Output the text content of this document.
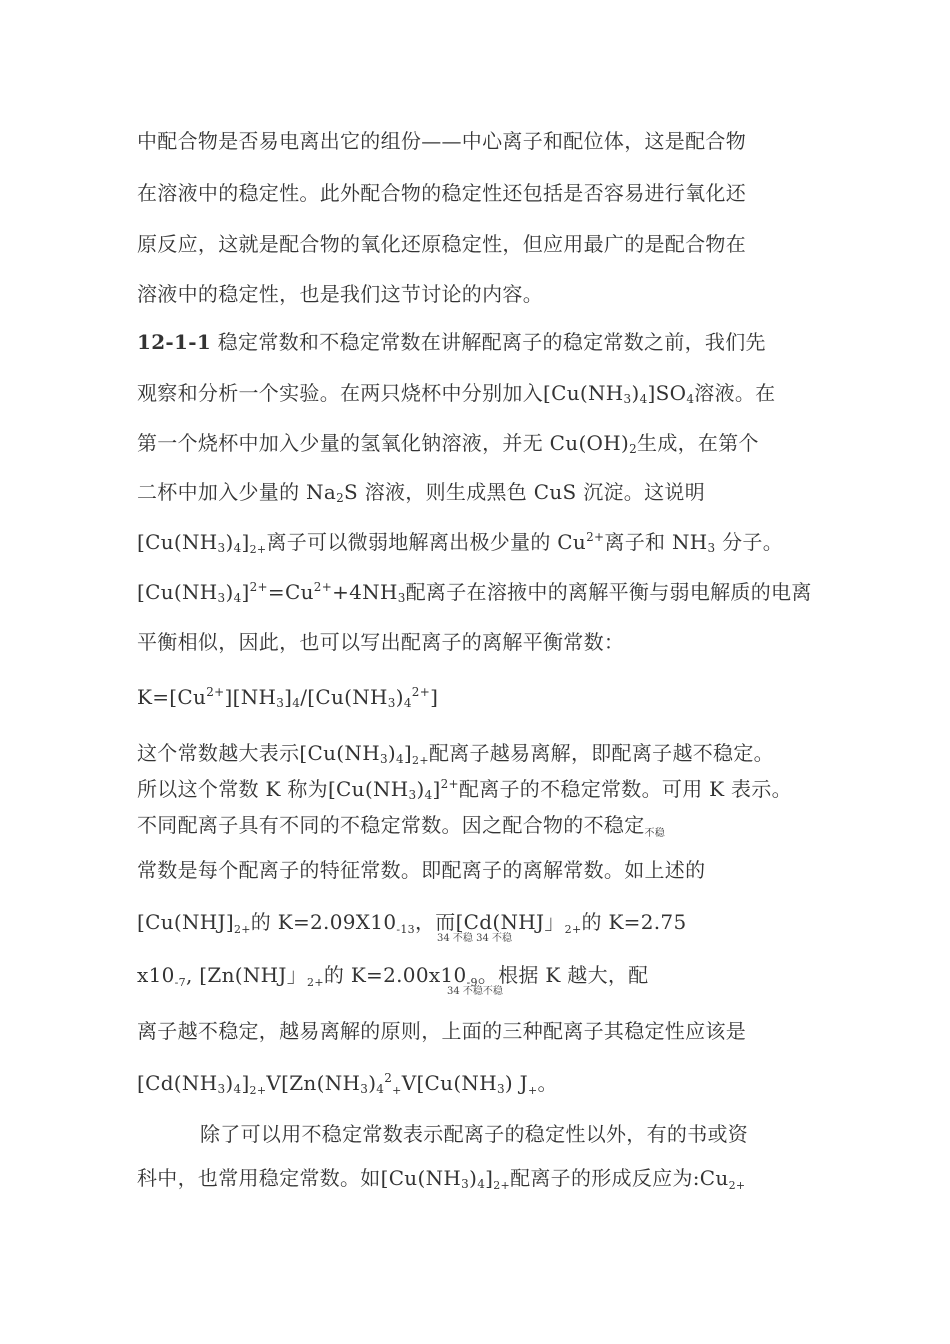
中配合物是否易电离出它的组份——中心离子和配位体，这是配合物
在溶液中的稳定性。此外配合物的稳定性还包括是否容易进行氧化还
原反应，这就是配合物的氧化还原稳定性，但应用最广的是配合物在
溶液中的稳定性，也是我们这节讨论的内容。
12-1-1 稳定常数和不稳定常数在讲解配离子的稳定常数之前，我们先
观察和分析一个实验。在两只烧杯中分别加入$[Cu(NH_3)_4]SO_4$溶液。在
第一个烧杯中加入少量的氢氧化钠溶液，并无 $Cu(OH)_2$生成，在第个
二杯中加入少量的 $Na_2S$ 溶液，则生成黑色 CuS 沉淀。这说明
$[Cu(NH_3)_4]_{2+}$离子可以微弱地解离出极少量的 $Cu^{2+}$离子和 $NH_3$ 分子。
$[Cu(NH_3)_4]^{2+}=Cu^{2+}+4NH_3$配离子在溶掖中的离解平衡与弱电解质的电离
平衡相似，因此，也可以写出配离子的离解平衡常数：
$K=[Cu^{2+}][NH_3]_4/[Cu(NH_3)_4^{2+}]$
这个常数越大表示$[Cu(NH_3)_4]_{2+}$配离子越易离解，即配离子越不稳定。
所以这个常数 K 称为$[Cu(NH_3)_4]^{2+}$配离子的不稳定常数。可用 K 表示。
不同配离子具有不同的不稳定常数。因之配合物的不稳定$_{不稳}$
常数是每个配离子的特征常数。即配离子的离解常数。如上述的
[$Cu(NHJ]_{2+}$的 $K=2.09X10_{-13}$，而[Cd(NHJ」$_{2+}$的 K=2.75
34 不稳 34 不稳
$x10_{-7}$, [Zn(NHJ」$_{2+}$的 $K=2.00x10_{-9}$。根据 K 越大，配
34 不稳不稳
离子越不稳定，越易离解的原则，上面的三种配离子其稳定性应该是
$[Cd(NH_3)_4]_{2+}V[Zn(NH_3)_4^2_+V[Cu(NH_3)$ $J_+$。
除了可以用不稳定常数表示配离子的稳定性以外，有的书或资
科中，也常用稳定常数。如$[Cu(NH_3)_4]_{2+}$配离子的形成反应为$:Cu_{2+}$
